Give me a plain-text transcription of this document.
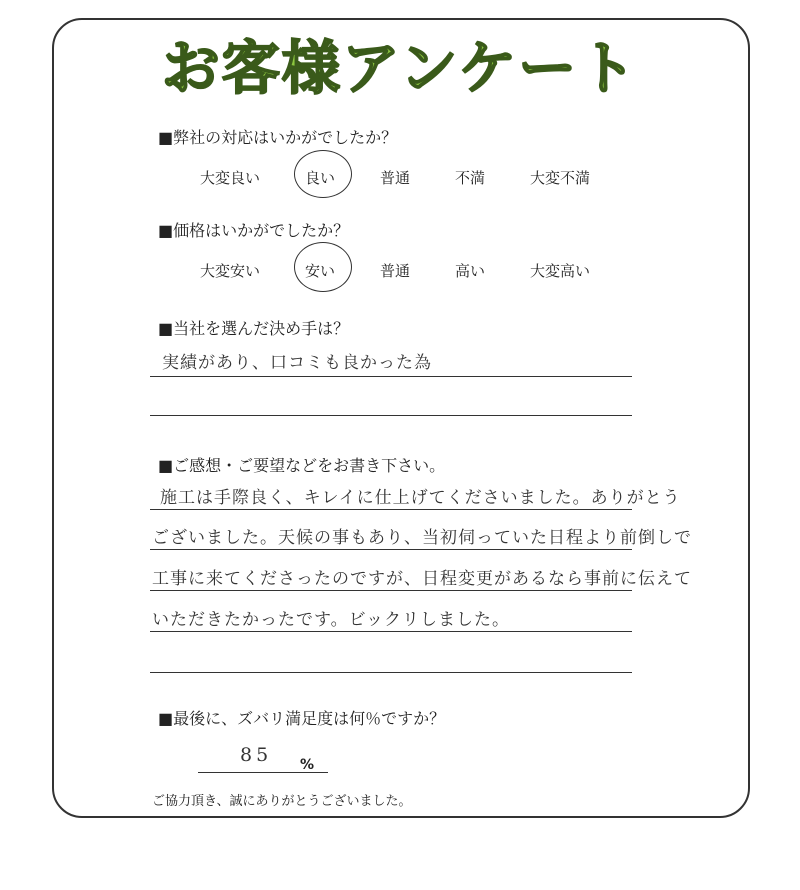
お客様アンケート
■弊社の対応はいかがでしたか？
大変良い	良い	普通	不満	大変不満
■価格はいかがでしたか？
大変安い	安い	普通	高い	大変高い
■当社を選んだ決め手は？
実績があり、口コミも良かった為
■ご感想・ご要望などをお書き下さい。
施工は手際良く、キレイに仕上げてくださいました。ありがとう
ございました。天候の事もあり、当初伺っていた日程より前倒しで
工事に来てくださったのですが、日程変更があるなら事前に伝えて
いただきたかったです。ビックリしました。
■最後に、ズバリ満足度は何％ですか？
85 %
ご協力頂き、誠にありがとうございました。
